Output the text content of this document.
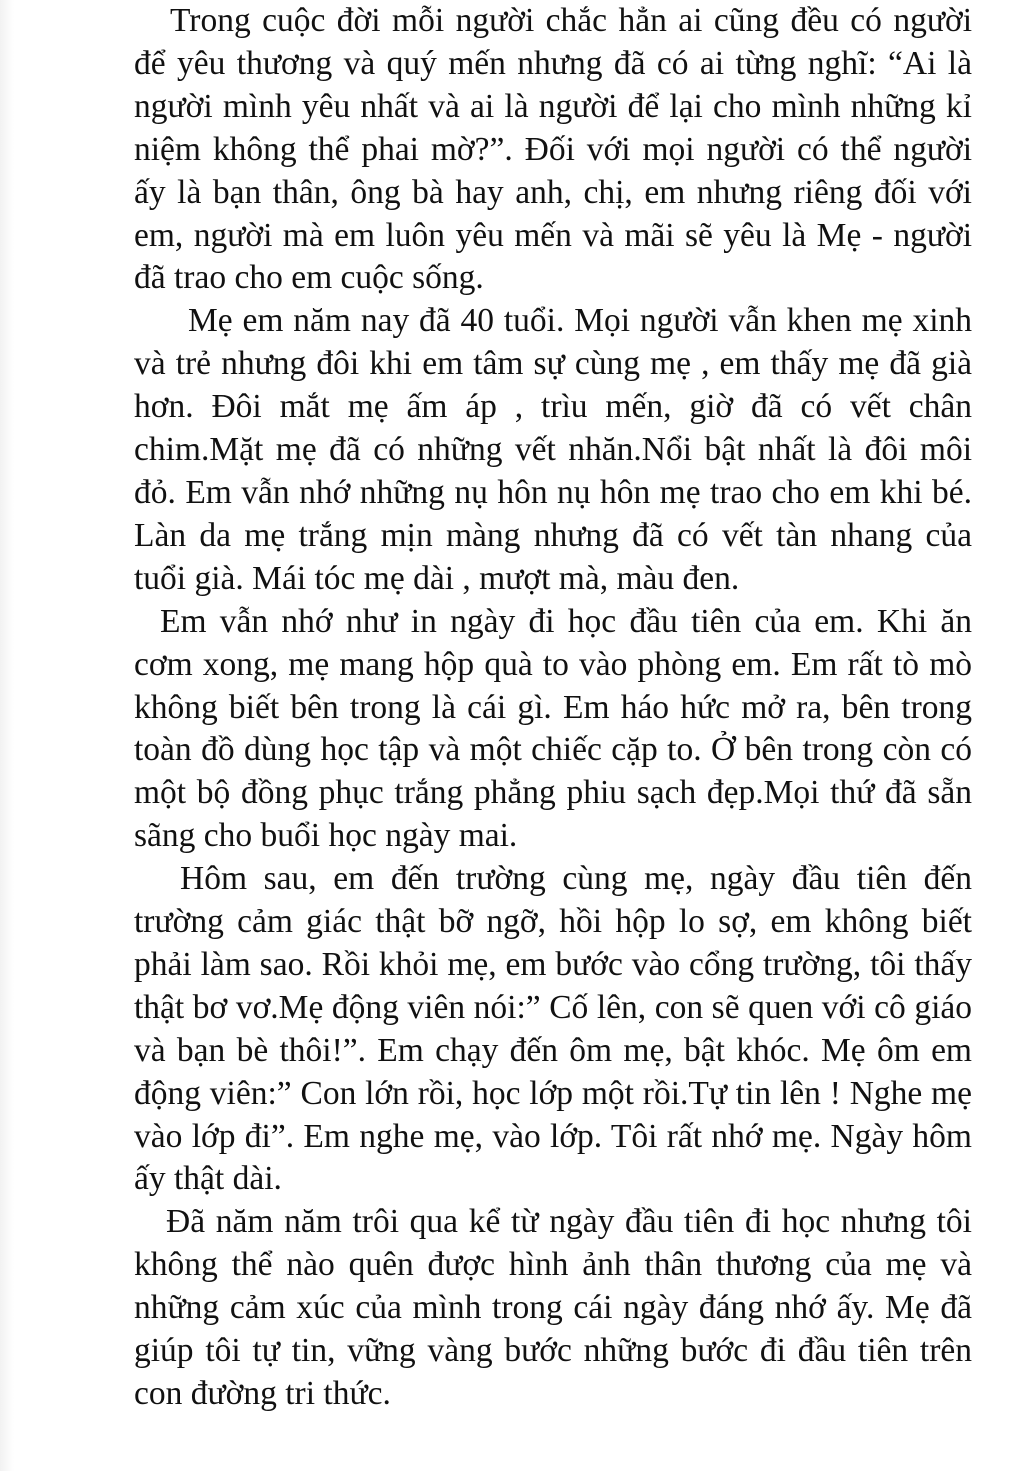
Trong cuộc đời mỗi người chắc hẳn ai cũng đều có người để yêu thương và quý mến nhưng đã có ai từng nghĩ: “Ai là người mình yêu nhất và ai là người để lại cho mình những kỉ niệm không thể phai mờ?”. Đối với mọi người có thể người ấy là bạn thân, ông bà hay anh, chị, em nhưng riêng đối với em, người mà em luôn yêu mến và mãi sẽ yêu là Mẹ - người đã trao cho em cuộc sống.

Mẹ em năm nay đã 40 tuổi. Mọi người vẫn khen mẹ xinh và trẻ nhưng đôi khi em tâm sự cùng mẹ , em thấy mẹ đã già hơn. Đôi mắt mẹ ấm áp , trìu mến, giờ đã có vết chân chim.Mặt mẹ đã có những vết nhăn.Nổi bật nhất là đôi môi đỏ. Em vẫn nhớ những nụ hôn nụ hôn mẹ trao cho em khi bé. Làn da mẹ trắng mịn màng nhưng đã có vết tàn nhang của tuổi già. Mái tóc mẹ dài , mượt mà, màu đen.

Em vẫn nhớ như in ngày đi học đầu tiên của em. Khi ăn cơm xong, mẹ mang hộp quà to vào phòng em. Em rất tò mò không biết bên trong là cái gì. Em háo hức mở ra, bên trong toàn đồ dùng học tập và một chiếc cặp to. Ở bên trong còn có một bộ đồng phục trắng phẳng phiu sạch đẹp.Mọi thứ đã sẵn sãng cho buổi học ngày mai.

Hôm sau, em đến trường cùng mẹ, ngày đầu tiên đến trường cảm giác thật bỡ ngỡ, hồi hộp lo sợ, em không biết phải làm sao. Rồi khỏi mẹ, em bước vào cổng trường, tôi thấy thật bơ vơ.Mẹ động viên nói:” Cố lên, con sẽ quen với cô giáo và bạn bè thôi!”. Em chạy đến ôm mẹ, bật khóc. Mẹ ôm em động viên:” Con lớn rồi, học lớp một rồi.Tự tin lên ! Nghe mẹ vào lớp đi”. Em nghe mẹ, vào lớp. Tôi rất nhớ mẹ. Ngày hôm ấy thật dài.

Đã năm năm trôi qua kể từ ngày đầu tiên đi học nhưng tôi không thể nào quên được hình ảnh thân thương của mẹ và những cảm xúc của mình trong cái ngày đáng nhớ ấy. Mẹ đã giúp tôi tự tin, vững vàng bước những bước đi đầu tiên trên con đường tri thức.
